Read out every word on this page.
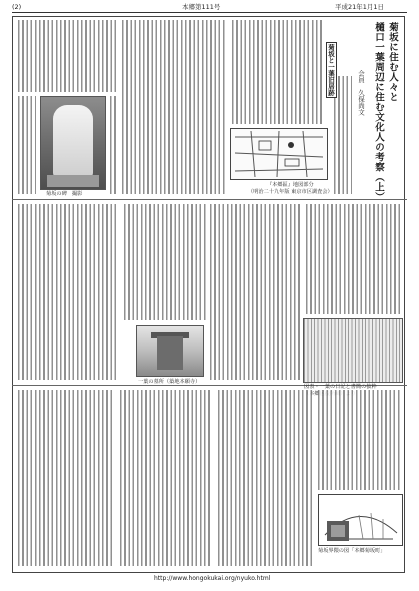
(2)	本郷第111号	平成21年1月1日
菊坂に住む人々と
樋口一葉周辺に住む文化人の考察（上）
会員　久保尚文
菊坂と一葉旧居跡
菊坂の碑　撮影
『本郷區』地図部分
（明治二十九年版 東京市区調査会）
図表・一葉の日記と書簡の抜粋

一葉の墓所（築地本願寺）
菊坂界隈の図「本郷菊坂町」
http://www.hongokukai.org/nyuko.html
